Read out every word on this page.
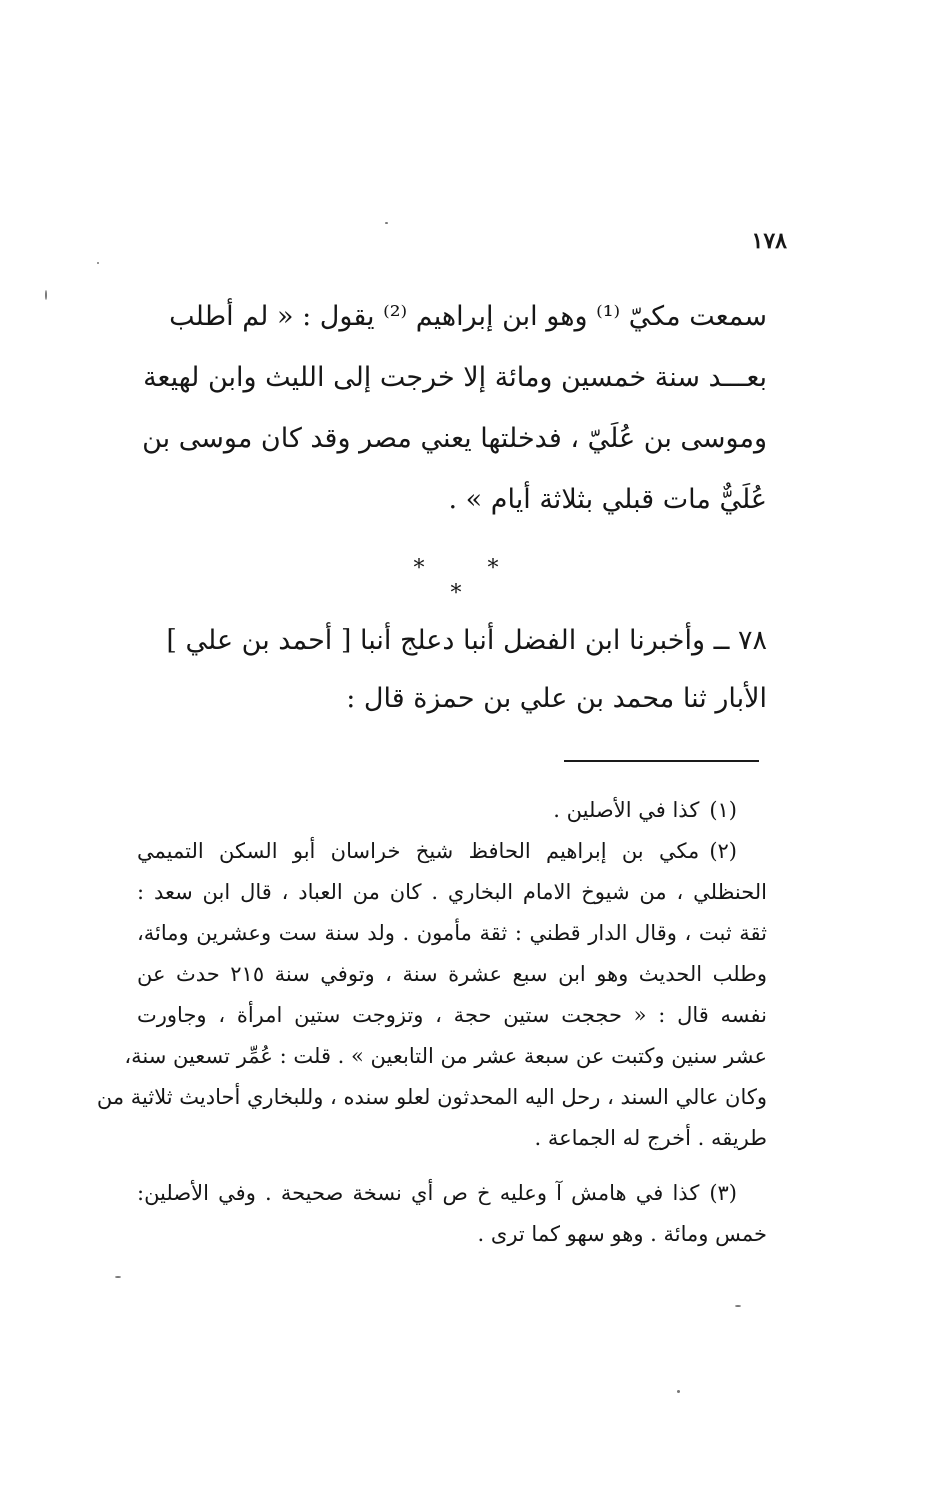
١٧٨
سمعت مكيّ ⁽¹⁾ وهو ابن إبراهيم ⁽²⁾ يقول : « لم أطلب
بعـــد سنة خمسين ومائة إلا خرجت إلى الليث وابن لهيعة
وموسى بن عُلَيّ ، فدخلتها يعني مصر وقد كان موسى بن
عُلَيٌّ مات قبلي بثلاثة أيام » .
* * *
٧٨ ــ وأخبرنا ابن الفضل أنبا دعلج أنبا [ أحمد بن علي ]
الأبار ثنا محمد بن علي بن حمزة قال :
(١)كذا في الأصلين .
(٢)مكي بن إبراهيم الحافظ شيخ خراسان أبو السكن التميمي
الحنظلي ، من شيوخ الامام البخاري . كان من العباد ، قال ابن سعد :
ثقة ثبت ، وقال الدار قطني : ثقة مأمون . ولد سنة ست وعشرين ومائة،
وطلب الحديث وهو ابن سبع عشرة سنة ، وتوفي سنة ٢١٥ حدث عن
نفسه قال : « حججت ستين حجة ، وتزوجت ستين امرأة ، وجاورت
عشر سنين وكتبت عن سبعة عشر من التابعين » . قلت : عُمِّر تسعين سنة،
وكان عالي السند ، رحل اليه المحدثون لعلو سنده ، وللبخاري أحاديث ثلاثية من
طريقه . أخرج له الجماعة .
(٣)كذا في هامش آ وعليه خ ص أي نسخة صحيحة . وفي الأصلين:
خمس ومائة . وهو سهو كما ترى .
